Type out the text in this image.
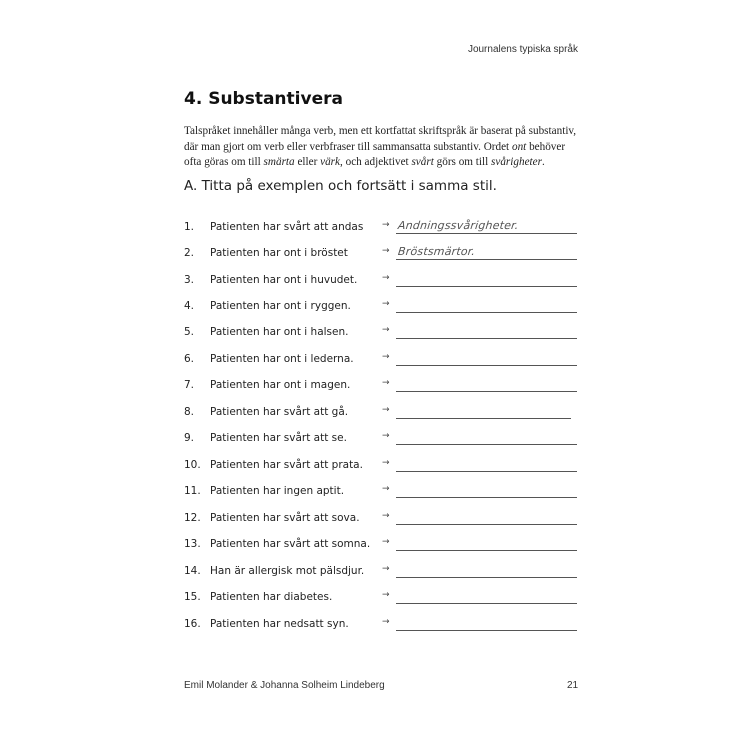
Journalens typiska språk
4. Substantivera

Talspråket innehåller många verb, men ett kortfattat skriftspråk är baserat på substantiv, där man gjort om verb eller verbfraser till sammansatta substantiv. Ordet ont behöver ofta göras om till smärta eller värk, och adjektivet svårt görs om till svårigheter.

A. Titta på exemplen och fortsätt i samma stil.

1. Patienten har svårt att andas → Andningssvårigheter.
2. Patienten har ont i bröstet	→ Bröstsmärtor.
3. Patienten har ont i huvudet.	→
4. Patienten har ont i ryggen.	→
5. Patienten har ont i halsen.	→
6. Patienten har ont i lederna.	→
7. Patienten har ont i magen.	→
8. Patienten har svårt att gå.	→
9. Patienten har svårt att se.	→
10. Patienten har svårt att prata. →
11. Patienten har ingen aptit.	→
12. Patienten har svårt att sova. →
13. Patienten har svårt att somna. →
14. Han är allergisk mot pälsdjur. →
15. Patienten har diabetes.	→
16. Patienten har nedsatt syn.	→
Emil Molander & Johanna Solheim Lindeberg	21
